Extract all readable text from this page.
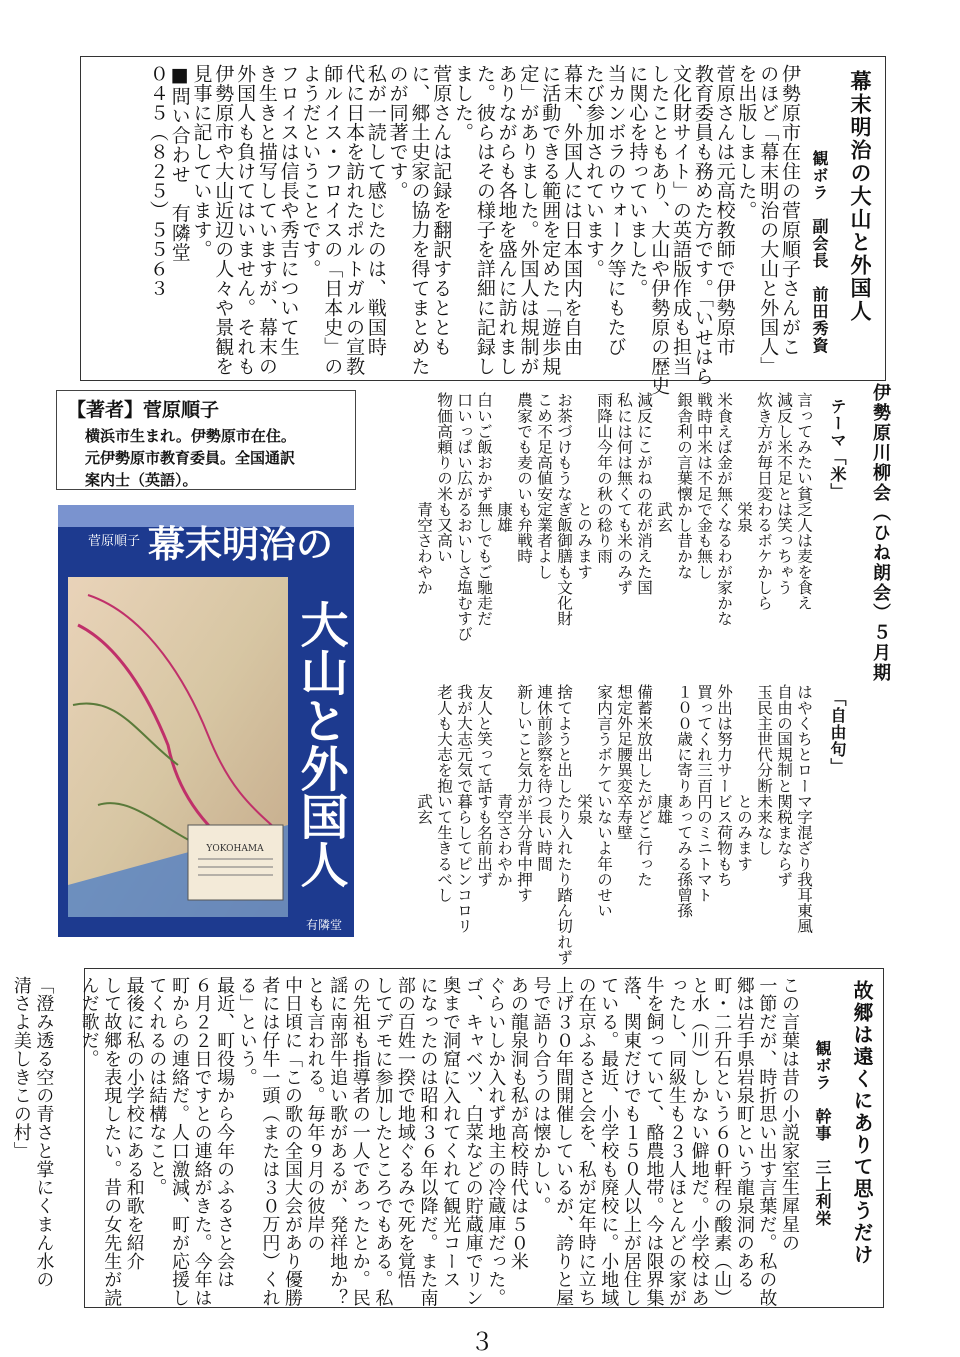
幕末明治の大山と外国人
観ボラ　副会長　前田秀資
伊勢原市在住の菅原順子さんがこ
のほど「幕末明治の大山と外国人」
を出版しました。
菅原さんは元高校教師で伊勢原市
教育委員も務めた方です。「いせはら
文化財サイト」の英語版作成も担当
したこともあり、大山や伊勢原の歴史
に関心を持っていました。
当カンボラのウォーク等にもたび
たび参加されています。
幕末、外国人には日本国内を自由
に活動できる範囲を定めた「遊歩規
定」がありました。外国人は規制が
ありながらも各地を盛んに訪れまし
た。彼らはその様子を詳細に記録し
ました。
菅原さんは記録を翻訳するととも
に、郷土史家の協力を得てまとめた
のが同著です。
私が一読して感じたのは、戦国時
代に日本を訪れたポルトガルの宣教
師ルイス・フロイスの「日本史」の
ようだということです。
フロイスは信長や秀吉について生
き生きと描写していますが、幕末の
外国人も負けてはいません。それも
伊勢原市や大山近辺の人々や景観を
見事に記しています。
■問い合わせ　有隣堂
０４５（８２５）５５６３

【著者】菅原順子

横浜市生まれ。伊勢原市在住。

元伊勢原市教育委員。全国通訳

案内士（英語）。

YOKOHAMA
菅原順子 幕末明治の
大山と外国人
有隣堂
伊勢原川柳会（ひね朗会）５月期
テーマ「米」
言ってみたい貧乏人は麦を食え
減反し米不足とは笑っちゃう
炊き方が毎日変わるボケかしら
　　　　　　　栄泉
米食えば金が無くなるわが家かな
戦時中米は不足で金も無し
銀舎利の言葉懐かし昔かな
　　　　　　　武玄
減反にこがねの花が消えた国
私には何は無くても米のみず
雨降山今年の秋の稔り雨
　　　　　　　とのみます
お茶づけもうなぎ飯御膳も文化財
こめ不足高値安定業者よし
農家でも麦のいも弁戦時
　　　　　　　康雄
白いご飯おかず無しでもご馳走だ
口いっぱい広がるおいしさ塩むすび
物価高頼りの米も又高い
　　　　　　　青空さわやか
「自由句」
はやくちとローマ字混ざり我耳東風
自由の国規制と関税まならず
玉民主世代分断未来なし
　　　　　　　とのみます
外出は努力サービス荷物もち
買ってくれ三百円のミニトマト
１００歳に寄りあってみる孫曾孫
　　　　　　　康雄
備蓄米放出したがどこ行った
想定外足腰異変卒寿壁
家内言うボケていないよ年のせい
　　　　　　　栄泉
捨てようと出したり入れたり踏ん切れず
連休前診察を待つ長い時間
新しいこと気力が半分背中押す
　　　　　　　青空さわやか
友人と笑って話すも名前出ず
我が大志元気で暮らしてピンコロリ
老人も大志を抱いて生きるべし
　　　　　　　武玄
故郷は遠くにありて思うだけ
観ボラ　幹事　三上利栄
この言葉は昔の小説家室生犀星の
一節だが、時折思い出す言葉だ。私の故
郷は岩手県岩泉町という龍泉洞のある
町・二升石という６０軒程の酸素（山）
と水（川）しかない僻地だ。小学校はあ
ったし、同級生も２３人ほとんどの家が
牛を飼っていて、酪農地帯。今は限界集
落、関東だけでも１５０人以上が居住し
ている。最近、小学校も廃校に。小地域
の在京ふるさと会を、私が定年時に立ち
上げ３０年間開催しているが、誇りと屋
号で語り合うのは懐かしい。
あの龍泉洞も私が高校時代は５０米
ぐらいしか入れず地主の冷蔵庫だった。
ゴ、キャベツ、白菜などの貯蔵庫でリン
奥まで洞窟に入れてくれて観光コース
になったのは昭和３６年以降だ。また南
部の百姓一揆で地域ぐるみで死を覚悟
してデモに参加したところでもある。私
の先祖も指導者の一人であったとか。民
謡に南部牛追い歌があるが、発祥地か？
とも言われる。毎年９月の彼岸の
中日頃に「この歌の全国大会があり優勝
者には仔牛一頭（または３０万円）くれ
る」という。
最近、町役場から今年のふるさと会は
６月２２日ですとの連絡がきた。今年は
町からの連絡だ。人口激減、町が応援し
てくれるのは結構なこと。
最後に私の小学校にある和歌を紹介
して故郷を表現したい。昔の女先生が読
んだ歌だ。

「澄み透る空の青さと掌にくまん水の
清さよ美しきこの村」

３
